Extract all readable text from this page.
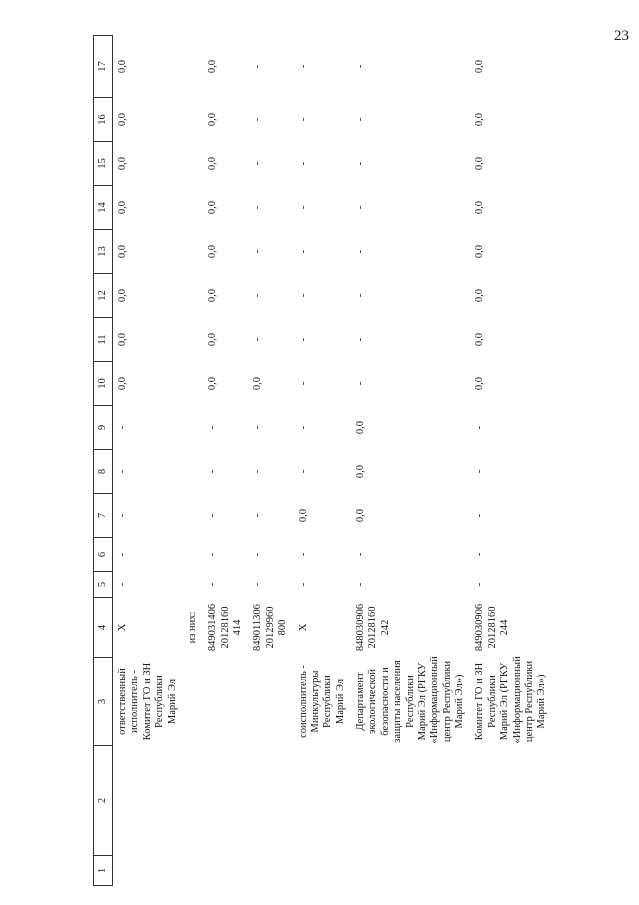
23
1	2	3	4	5	6	7	8	9	10	11	12	13	14	15	16	17
		ответственный исполнитель - Комитет ГО и ЗН Республики Марий Эл	X	-	-	-	-	-	0,0	0,0	0,0	0,0	0,0	0,0	0,0	0,0
			из них:													
			849031406 20128160 414	-	-	-	-	-	0,0	0,0	0,0	0,0	0,0	0,0	0,0	0,0
			849011306 20129960 800	-	-	-	-	-	0,0	-	-	-	-	-	-	-
		соисполнитель - Минкультуры Республики Марий Эл	X	-	-	0,0	-	-	-	-	-	-	-	-	-	-
		Департамент экологической безопасности и защиты населения Республики Марий Эл (РГКУ «Информационный центр Республики Марий Эл»)	848030906 20128160 242	-	-	0,0	0,0	0,0	-	-	-	-	-	-	-	-
		Комитет ГО и ЗН Республики Марий Эл (РГКУ «Информационный центр Республики Марий Эл»)	849030906 20128160 244	-	-	-	-	-	0,0	0,0	0,0	0,0	0,0	0,0	0,0	0,0
